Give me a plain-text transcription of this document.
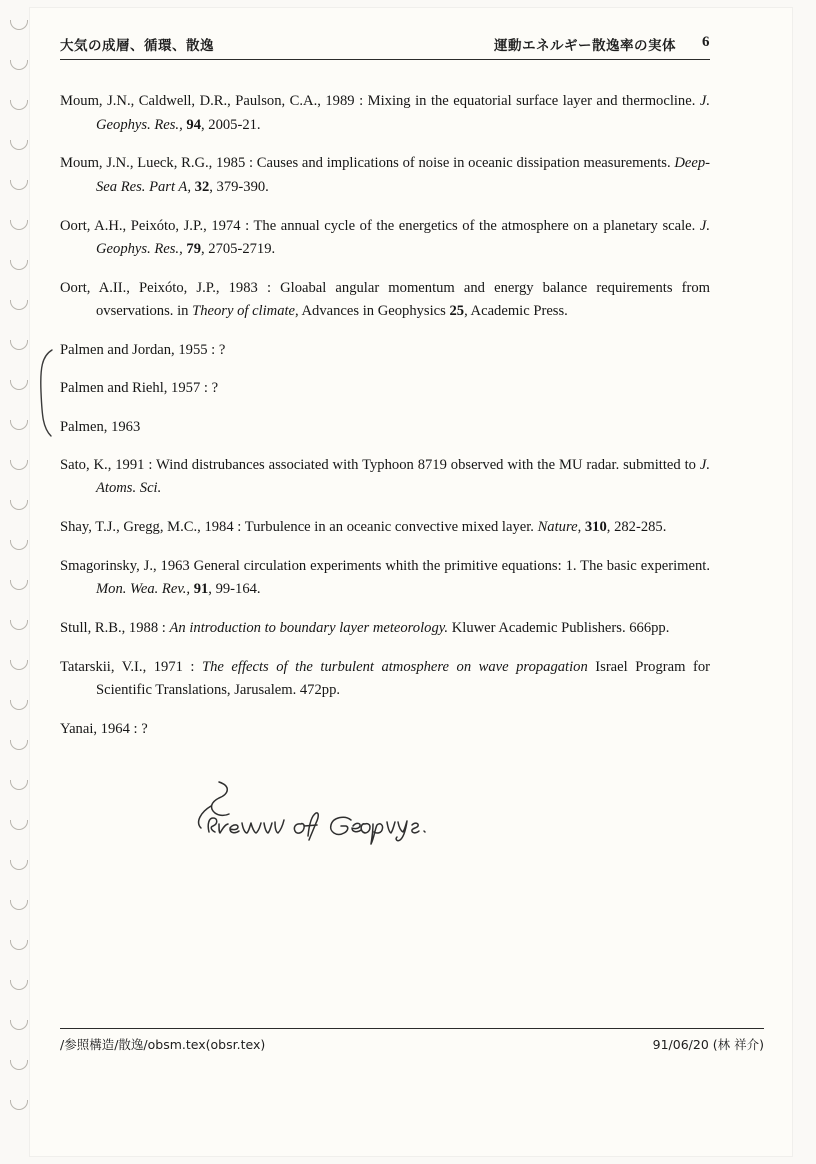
大気の成層、循環、散逸	運動エネルギー散逸率の実体	6

Moum, J.N., Caldwell, D.R., Paulson, C.A., 1989 : Mixing in the equatorial surface layer and thermocline. J. Geophys. Res., 94, 2005-21.

Moum, J.N., Lueck, R.G., 1985 : Causes and implications of noise in oceanic dissipation measurements. Deep-Sea Res. Part A, 32, 379-390.

Oort, A.H., Peixóto, J.P., 1974 : The annual cycle of the energetics of the atmosphere on a planetary scale. J. Geophys. Res., 79, 2705-2719.

Oort, A.II., Peixóto, J.P., 1983 : Gloabal angular momentum and energy balance requirements from ovservations. in Theory of climate, Advances in Geophysics 25, Academic Press.

Palmen and Jordan, 1955 : ?

Palmen and Riehl, 1957 : ?

Palmen, 1963

Sato, K., 1991 : Wind distrubances associated with Typhoon 8719 observed with the MU radar. submitted to J. Atoms. Sci.

Shay, T.J., Gregg, M.C., 1984 : Turbulence in an oceanic convective mixed layer. Nature, 310, 282-285.

Smagorinsky, J., 1963 General circulation experiments whith the primitive equations: 1. The basic experiment. Mon. Wea. Rev., 91, 99-164.

Stull, R.B., 1988 : An introduction to boundary layer meteorology. Kluwer Academic Publishers. 666pp.

Tatarskii, V.I., 1971 : The effects of the turbulent atmosphere on wave propagation Israel Program for Scientific Translations, Jarusalem. 472pp.

Yanai, 1964 : ?

/参照構造/散逸/obsm.tex(obsr.tex)	91/06/20 (林 祥介)
